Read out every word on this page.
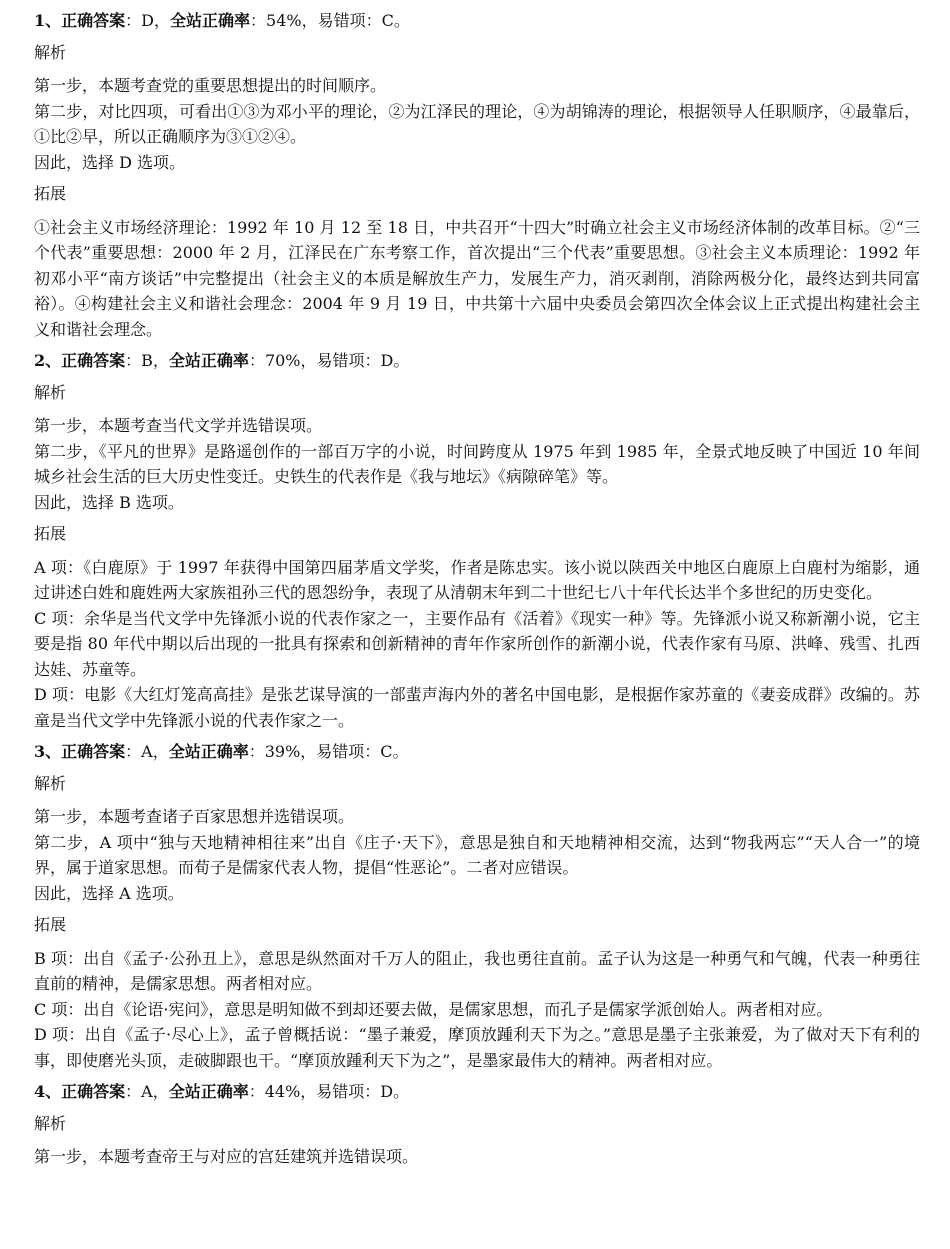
1、正确答案：D，全站正确率：54%，易错项：C。

解析

第一步，本题考查党的重要思想提出的时间顺序。

第二步，对比四项，可看出①③为邓小平的理论，②为江泽民的理论，④为胡锦涛的理论，根据领导人任职顺序，④最靠后，①比②早，所以正确顺序为③①②④。

因此，选择 D 选项。

拓展

①社会主义市场经济理论：1992 年 10 月 12 至 18 日，中共召开“十四大”时确立社会主义市场经济体制的改革目标。②“三个代表”重要思想：2000 年 2 月，江泽民在广东考察工作，首次提出“三个代表”重要思想。③社会主义本质理论：1992 年初邓小平“南方谈话”中完整提出（社会主义的本质是解放生产力，发展生产力，消灭剥削，消除两极分化，最终达到共同富裕）。④构建社会主义和谐社会理念：2004 年 9 月 19 日，中共第十六届中央委员会第四次全体会议上正式提出构建社会主义和谐社会理念。

2、正确答案：B，全站正确率：70%，易错项：D。

解析

第一步，本题考查当代文学并选错误项。

第二步，《平凡的世界》是路遥创作的一部百万字的小说，时间跨度从 1975 年到 1985 年，全景式地反映了中国近 10 年间城乡社会生活的巨大历史性变迁。史铁生的代表作是《我与地坛》《病隙碎笔》等。

因此，选择 B 选项。

拓展

A 项：《白鹿原》于 1997 年获得中国第四届茅盾文学奖，作者是陈忠实。该小说以陕西关中地区白鹿原上白鹿村为缩影，通过讲述白姓和鹿姓两大家族祖孙三代的恩怨纷争，表现了从清朝末年到二十世纪七八十年代长达半个多世纪的历史变化。

C 项：余华是当代文学中先锋派小说的代表作家之一，主要作品有《活着》《现实一种》等。先锋派小说又称新潮小说，它主要是指 80 年代中期以后出现的一批具有探索和创新精神的青年作家所创作的新潮小说，代表作家有马原、洪峰、残雪、扎西达娃、苏童等。

D 项：电影《大红灯笼高高挂》是张艺谋导演的一部蜚声海内外的著名中国电影，是根据作家苏童的《妻妾成群》改编的。苏童是当代文学中先锋派小说的代表作家之一。

3、正确答案：A，全站正确率：39%，易错项：C。

解析

第一步，本题考查诸子百家思想并选错误项。

第二步，A 项中“独与天地精神相往来”出自《庄子·天下》，意思是独自和天地精神相交流，达到“物我两忘”“天人合一”的境界，属于道家思想。而荀子是儒家代表人物，提倡“性恶论”。二者对应错误。

因此，选择 A 选项。

拓展

B 项：出自《孟子·公孙丑上》，意思是纵然面对千万人的阻止，我也勇往直前。孟子认为这是一种勇气和气魄，代表一种勇往直前的精神，是儒家思想。两者相对应。

C 项：出自《论语·宪问》，意思是明知做不到却还要去做，是儒家思想，而孔子是儒家学派创始人。两者相对应。

D 项：出自《孟子·尽心上》，孟子曾概括说：“墨子兼爱，摩顶放踵利天下为之。”意思是墨子主张兼爱，为了做对天下有利的事，即使磨光头顶，走破脚跟也干。“摩顶放踵利天下为之”，是墨家最伟大的精神。两者相对应。

4、正确答案：A，全站正确率：44%，易错项：D。

解析

第一步，本题考查帝王与对应的宫廷建筑并选错误项。
